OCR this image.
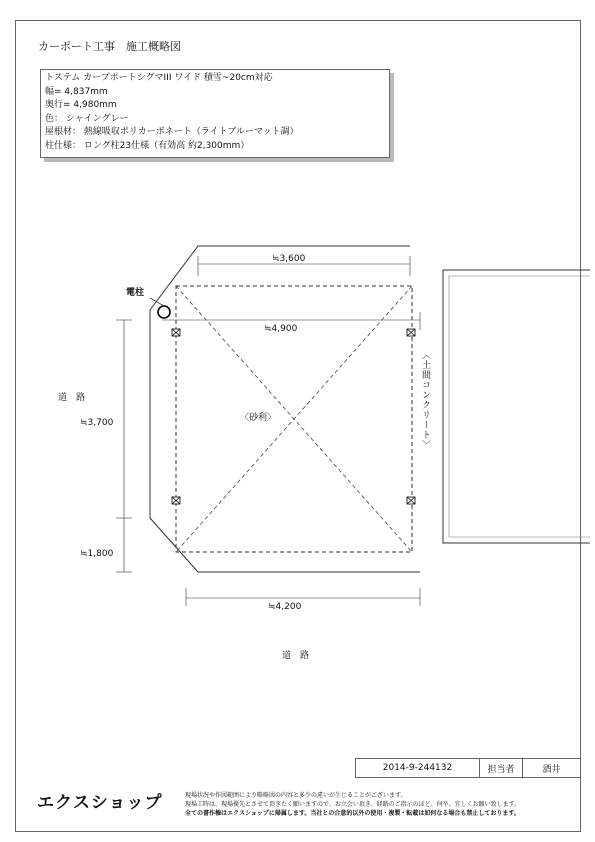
カーポート工事　施工概略図
トステム カーブポートシグマIII ワイド 積雪~20cm対応
幅= 4,837mm
奥行= 4,980mm
色： シャイングレー
屋根材： 熱線吸収ポリカーボネート（ライトブルーマット調）
柱仕様： ロング柱23仕様（有効高 約2,300mm）
≒3,600
≒4,900
≒3,700
≒1,800
≒4,200
電柱
道　路
道　路
〈砂利〉	〈土間コンクリート〉
2014-9-244132	担当者	酒井
エクスショップ	現場状況や作図範囲により略略図の内容と多少の違いが生じることがございます。
現場工時は、現場優先とさせて頂きたく願いますので、お立会い頂き、経路のご指示のほど、何卒、宜しくお願い致します。
全ての書作権はエクスショップに帰属します。当社との合意的以外の使用・複製・転載は如何なる場合も禁止しております。
